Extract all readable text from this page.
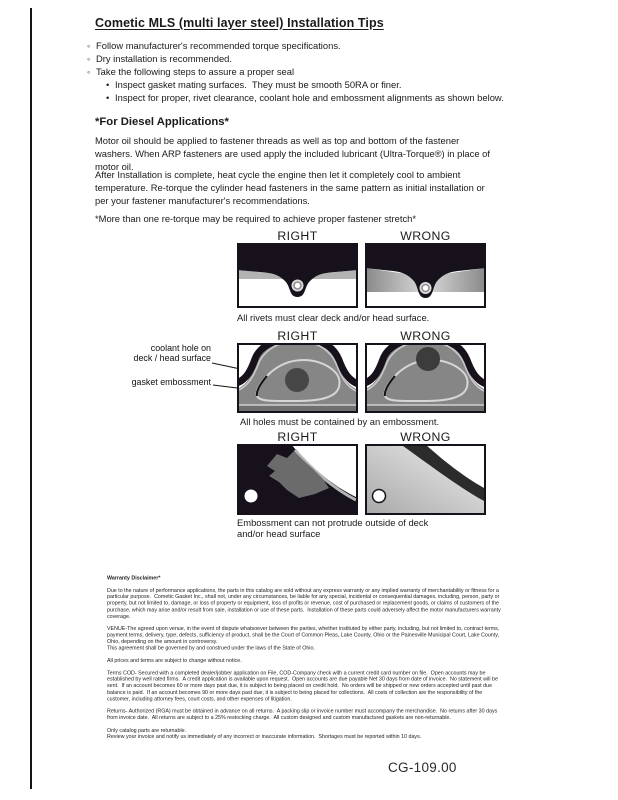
Cometic MLS (multi layer steel) Installation Tips
◦ Follow manufacturer's recommended torque specifications.
◦ Dry installation is recommended.
◦ Take the following steps to assure a proper seal
• Inspect gasket mating surfaces.  They must be smooth 50RA or finer.
• Inspect for proper, rivet clearance, coolant hole and embossment alignments as shown below.
*For Diesel Applications*
Motor oil should be applied to fastener threads as well as top and bottom of the fastener washers. When ARP fasteners are used apply the included lubricant (Ultra-Torque®) in place of motor oil.
After Installation is complete, heat cycle the engine then let it completely cool to ambient temperature. Re-torque the cylinder head fasteners in the same pattern as initial installation or per your fastener manufacturer's recommendations.
*More than one re-torque may be required to achieve proper fastener stretch*
RIGHT	WRONG
All rivets must clear deck and/or head surface.
RIGHT	WRONG
coolant hole on
deck / head surface
gasket embossment
All holes must be contained by an embossment.
RIGHT	WRONG
Embossment can not protrude outside of deck and/or head surface
Warranty Disclaimer*
Due to the nature of performance applications, the parts in this catalog are sold without any express warranty or any implied warranty of merchantability or fitness for a particular purpose.  Cometic Gasket Inc., shall not, under any circumstances, be liable for any special, incidental or consequential damages, including, person, party or property, but not limited to, damage, or loss of property or equipment, loss of profits or revenue, cost of purchased or replacement goods, or claims of customers of the purchase, which may arise and/or result from sale, installation or use of these parts.  Installation of these parts could adversely affect the motor manufacturers warranty coverage.
VENUE-The agreed upon venue, in the event of dispute whatsoever between the parties, whether instituted by either party, including, but not limited to, contract terms, payment terms, delivery, type, defects, sufficiency of product, shall be the Court of Common Pleas, Lake County, Ohio or the Painesville Municipal Court, Lake County, Ohio, depending on the amount in controversy.
This agreement shall be governed by and construed under the laws of the State of Ohio.
All prices and terms are subject to change without notice.
Terms COD- Secured with a completed dealer/jobber application on File, COD-Company check with a current credit card number on file.  Open accounts may be established by well rated firms.  A credit application is available upon request.  Open accounts are due payable Net 30 days from date of invoice.  No statement will be sent.  If an account becomes 60 or more days past due, it is subject to being placed on credit hold.  No orders will be shipped or new orders accepted until past due balance is paid.  If an account becomes 90 or more days past due, it is subject to being placed for collections.  All costs of collection are the responsibility of the customer, including attorney fees, court costs, and other expenses of litigation.
Returns- Authorized (RGA) must be obtained in advance on all returns.  A packing slip or invoice number must accompany the merchandise.  No returns after 30 days from invoice date.  All returns are subject to a 25% restocking charge.  All custom designed and custom manufactured gaskets are non-returnable.
Only catalog parts are returnable.
Review your invoice and notify us immediately of any incorrect or inaccurate information.  Shortages must be reported within 10 days.
CG-109.00
